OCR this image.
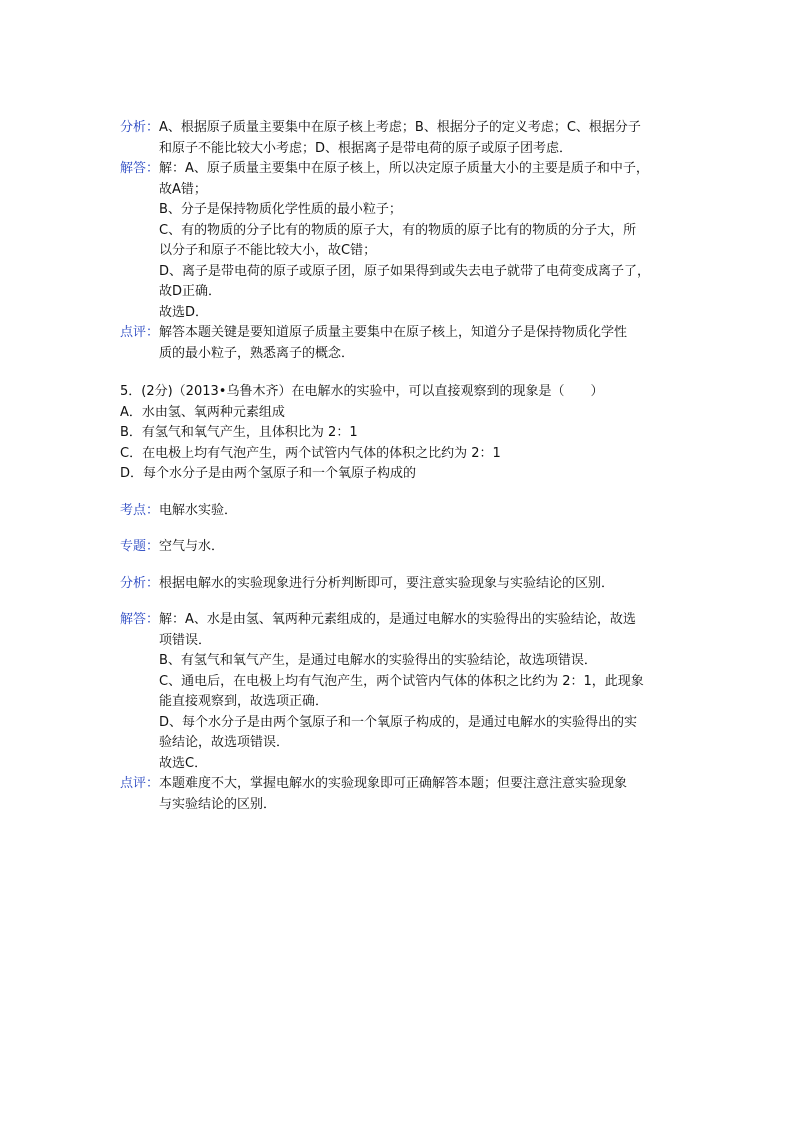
分析： A、根据原子质量主要集中在原子核上考虑；B、根据分子的定义考虑；C、根据分子
和原子不能比较大小考虑；D、根据离子是带电荷的原子或原子团考虑．
解答： 解：A、原子质量主要集中在原子核上，所以决定原子质量大小的主要是质子和中子，
故A错；
B、分子是保持物质化学性质的最小粒子；
C、有的物质的分子比有的物质的原子大，有的物质的原子比有的物质的分子大，所
以分子和原子不能比较大小，故C错；
D、离子是带电荷的原子或原子团，原子如果得到或失去电子就带了电荷变成离子了，
故D正确．
故选D．
点评： 解答本题关键是要知道原子质量主要集中在原子核上，知道分子是保持物质化学性
质的最小粒子，熟悉离子的概念．
5．(2分)（2013•乌鲁木齐）在电解水的实验中，可以直接观察到的现象是（　　）
A．水由氢、氧两种元素组成
B．有氢气和氧气产生，且体积比为 2：1
C．在电极上均有气泡产生，两个试管内气体的体积之比约为 2：1
D．每个水分子是由两个氢原子和一个氧原子构成的
考点： 电解水实验．
专题： 空气与水．
分析： 根据电解水的实验现象进行分析判断即可，要注意实验现象与实验结论的区别．
解答： 解：A、水是由氢、氧两种元素组成的，是通过电解水的实验得出的实验结论，故选
项错误．
B、有氢气和氧气产生，是通过电解水的实验得出的实验结论，故选项错误．
C、通电后，在电极上均有气泡产生，两个试管内气体的体积之比约为 2：1，此现象
能直接观察到，故选项正确．
D、每个水分子是由两个氢原子和一个氧原子构成的，是通过电解水的实验得出的实
验结论，故选项错误．
故选C．
点评： 本题难度不大，掌握电解水的实验现象即可正确解答本题；但要注意注意实验现象
与实验结论的区别．
